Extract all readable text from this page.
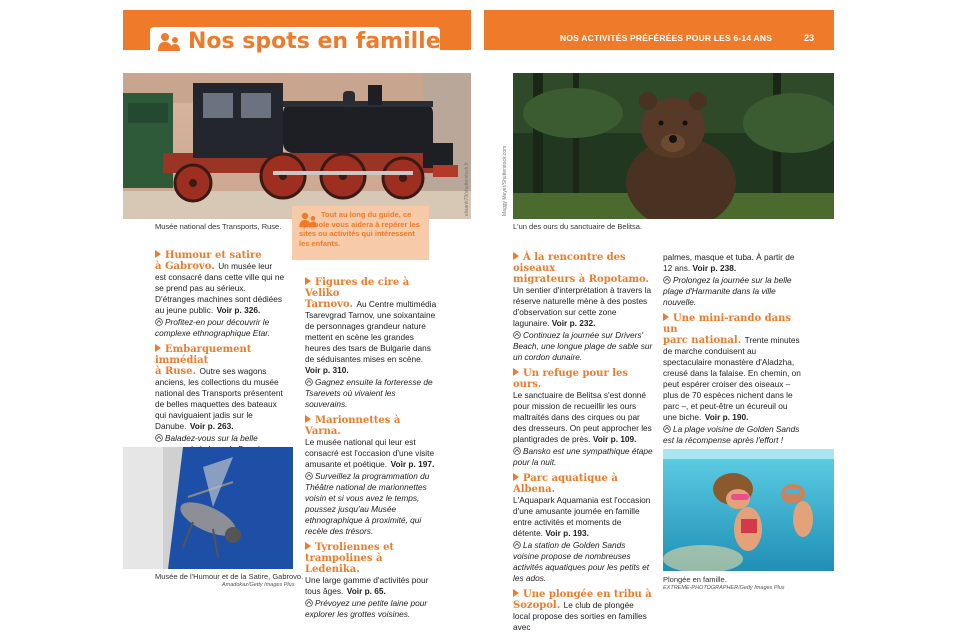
Nos spots en famille	NOS ACTIVITÉS PRÉFÉRÉES POUR LES 6-14 ANS	23
elisank79/shutterstock.fr
Musée national des Transports, Ruse.
Tout au long du guide, ce symbole vous aidera à repérer les sites ou activités qui intéressent les enfants.
Humour et satire
à Gabrovo. Un musée leur est consacré dans cette ville qui ne se prend pas au sérieux. D'étranges machines sont dédiées au jeune public. Voir p. 326.

Profitez-en pour découvrir le complexe ethnographique Etar.

Embarquement immédiat
à Ruse. Outre ses wagons anciens, les collections du musée national des Transports présentent de belles maquettes des bateaux qui naviguaient jadis sur le Danube. Voir p. 263.

Baladez-vous sur la belle

Musée de l'Humour et de la Satire, Gabrovo.
Amadokaz/Getty Images Plus
Figures de cire à Veliko
Tarnovo. Au Centre multimédia Tsarevgrad Tarnov, une soixantaine de personnages grandeur nature mettent en scène les grandes heures des tsars de Bulgarie dans de séduisantes mises en scène. Voir p. 310.

Gagnez ensuite la forteresse de Tsarevets où vivaient les souverains.

Marionnettes à Varna.
Le musée national qui leur est consacré est l'occasion d'une visite amusante et poétique. Voir p. 197.

Surveillez la programmation du Théâtre national de marionnettes voisin et si vous avez le temps, poussez jusqu'au Musée ethnographique à proximité, qui recèle des trésors.

Tyroliennes et
trampolines à Ledenika.
Une large gamme d'activités pour tous âges. Voir p. 65.

Prévoyez une petite laine pour explorer les grottes voisines.

Maggy Meyer/Shutterstock.com
L'un des ours du sanctuaire de Belitsa.
À la rencontre des oiseaux
migrateurs à Ropotamo.

Un sentier d'interprétation à travers la réserve naturelle mène à des postes d'observation sur cette zone lagunaire. Voir p. 232.

Continuez la journée sur Drivers' Beach, une longue plage de sable sur un cordon dunaire.

Un refuge pour les ours.

Le sanctuaire de Belitsa s'est donné pour mission de recueillir les ours maltraités dans des cirques ou par des dresseurs. On peut approcher les plantigrades de près. Voir p. 109.

Bansko est une sympathique étape pour la nuit.

Parc aquatique à Albena.

L'Aquapark Aquamania est l'occasion d'une amusante journée en famille entre activités et moments de détente. Voir p. 193.

La station de Golden Sands voisine propose de nombreuses activités aquatiques pour les petits et les ados.

Une plongée en tribu à
Sozopol. Le club de plongée local propose des sorties en familles avec

palmes, masque et tuba. À partir de 12 ans. Voir p. 238.

Prolongez la journée sur la belle plage d'Harmanite dans la ville nouvelle.

Une mini-rando dans un
parc national. Trente minutes de marche conduisent au spectaculaire monastère d'Aladzha, creusé dans la falaise. En chemin, on peut espérer croiser des oiseaux – plus de 70 espèces nichent dans le parc –, et peut-être un écureuil ou une biche. Voir p. 190.

La plage voisine de Golden Sands est la récompense après l'effort !

Plongée en famille.
EXTREME-PHOTOGRAPHER/Getty Images Plus
